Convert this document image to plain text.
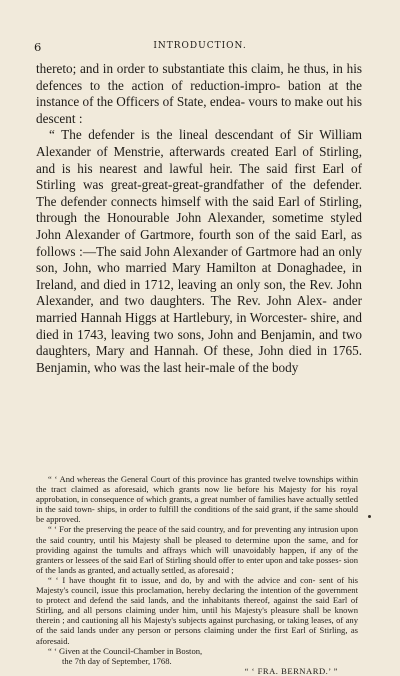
6	INTRODUCTION.

thereto; and in order to substantiate this claim, he thus, in his defences to the action of reduction-impro- bation at the instance of the Officers of State, endea- vours to make out his descent :

“ The defender is the lineal descendant of Sir William Alexander of Menstrie, afterwards created Earl of Stirling, and is his nearest and lawful heir. The said first Earl of Stirling was great-great-great-grandfather of the defender. The defender connects himself with the said Earl of Stirling, through the Honourable John Alexander, sometime styled John Alexander of Gartmore, fourth son of the said Earl, as follows :—The said John Alexander of Gartmore had an only son, John, who married Mary Hamilton at Donaghadee, in Ireland, and died in 1712, leaving an only son, the Rev. John Alexander, and two daughters. The Rev. John Alex- ander married Hannah Higgs at Hartlebury, in Worcester- shire, and died in 1743, leaving two sons, John and Benjamin, and two daughters, Mary and Hannah. Of these, John died in 1765. Benjamin, who was the last heir-male of the body

“ ‘ And whereas the General Court of this province has granted twelve townships within the tract claimed as aforesaid, which grants now lie before his Majesty for his royal approbation, in consequence of which grants, a great number of families have actually settled in the said town- ships, in order to fulfill the conditions of the said grant, if the same should be approved.

“ ‘ For the preserving the peace of the said country, and for preventing any intrusion upon the said country, until his Majesty shall be pleased to determine upon the same, and for providing against the tumults and affrays which will unavoidably happen, if any of the granters or lessees of the said Earl of Stirling should offer to enter upon and take posses- sion of the lands as granted, and actually settled, as aforesaid ;

“ ‘ I have thought fit to issue, and do, by and with the advice and con- sent of his Majesty's council, issue this proclamation, hereby declaring the intention of the government to protect and defend the said lands, and the inhabitants thereof, against the said Earl of Stirling, and all persons claiming under him, until his Majesty's pleasure shall be known therein ; and cautioning all his Majesty's subjects against purchasing, or taking leases, of any of the said lands under any person or persons claiming under the first Earl of Stirling, as aforesaid.

“ ‘ Given at the Council-Chamber in Boston,

the 7th day of September, 1768.

“ ‘ FRA. BERNARD.’ ”
